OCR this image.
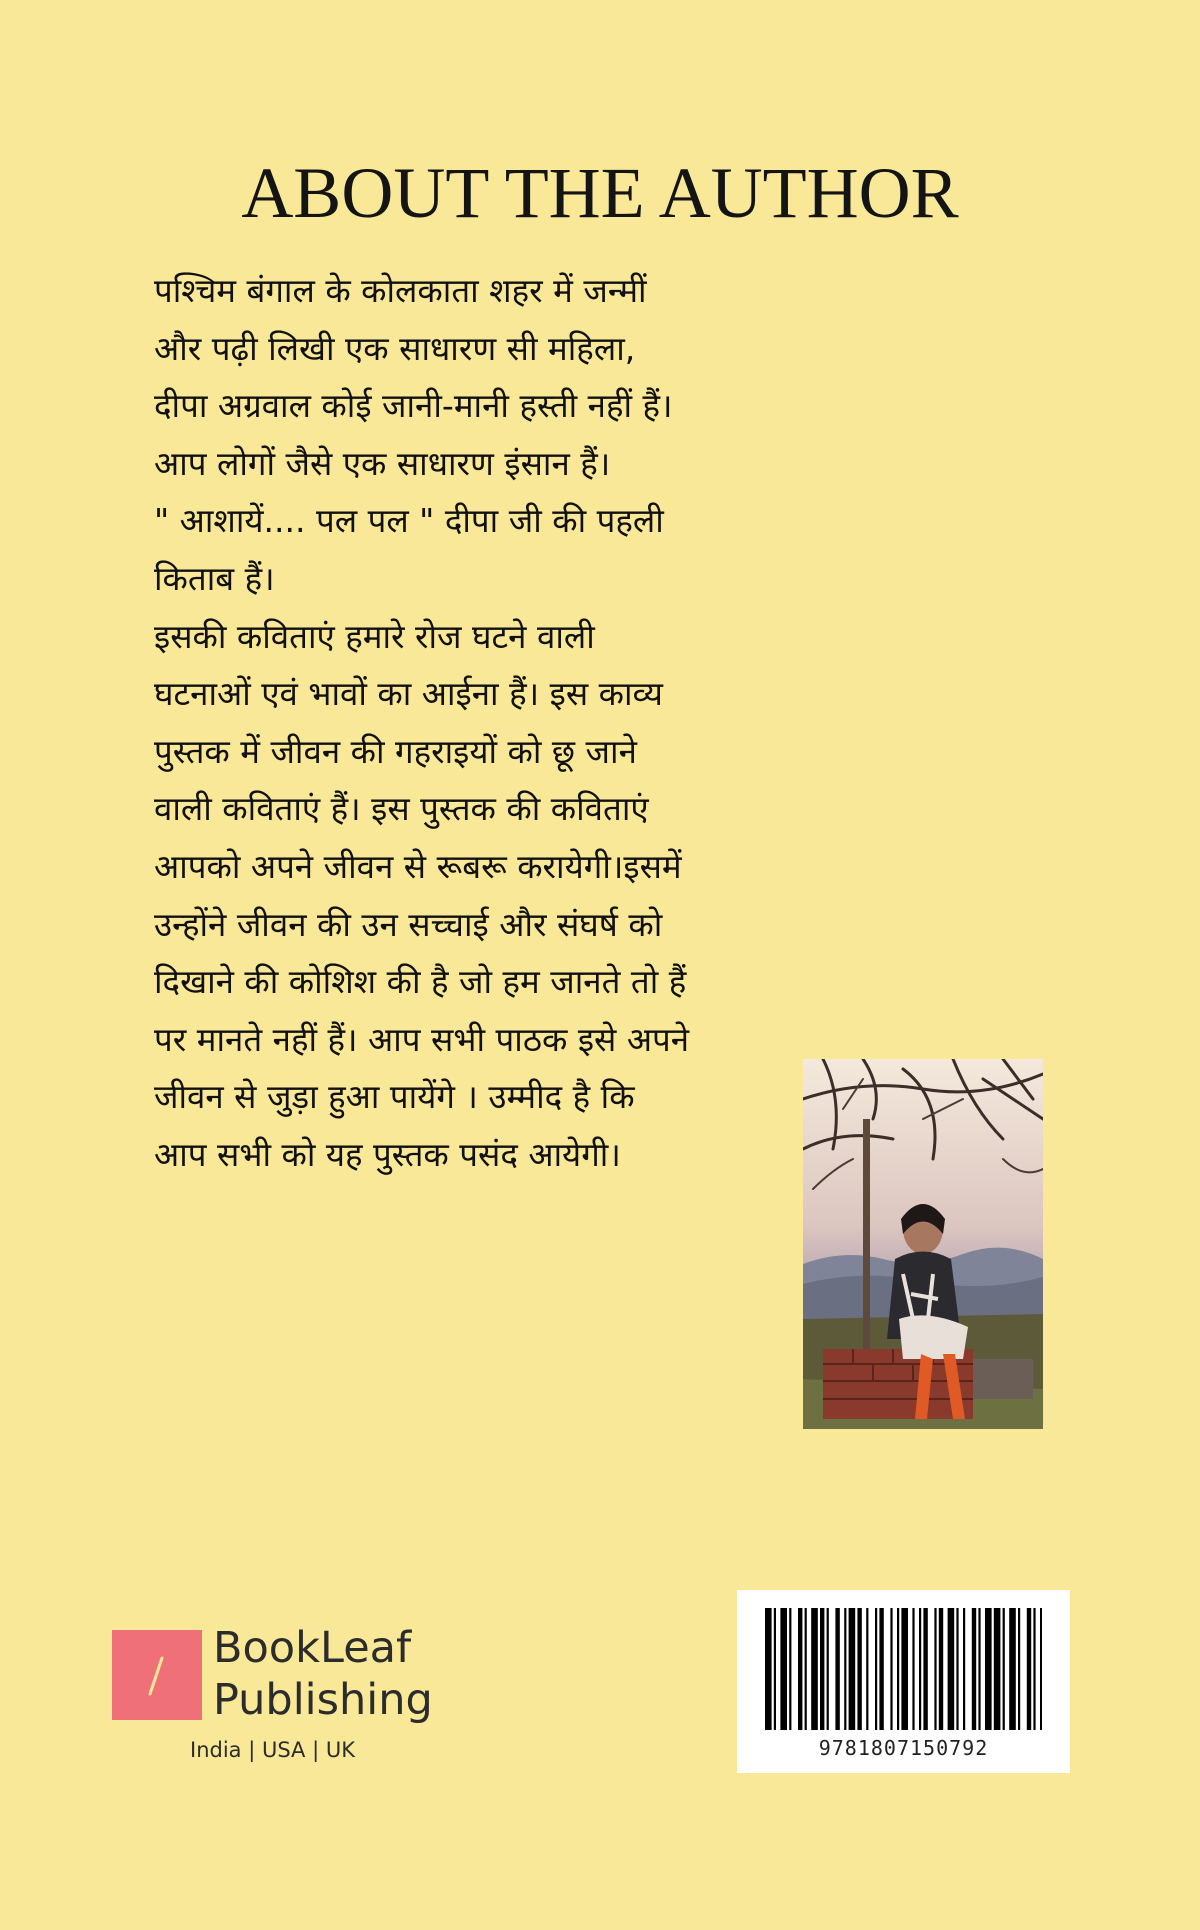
ABOUT THE AUTHOR
पश्चिम बंगाल के कोलकाता शहर में जन्मीं
और पढ़ी लिखी एक साधारण सी महिला,
दीपा अग्रवाल कोई जानी-मानी हस्ती नहीं हैं।
आप लोगों जैसे एक साधारण इंसान हैं।
" आशायें.... पल पल " दीपा जी की पहली
किताब हैं।
इसकी कविताएं हमारे रोज घटने वाली
घटनाओं एवं भावों का आईना हैं। इस काव्य
पुस्तक में जीवन की गहराइयों को छू जाने
वाली कविताएं हैं। इस पुस्तक की कविताएं
आपको अपने जीवन से रूबरू करायेगी।इसमें
उन्होंने जीवन की उन सच्चाई और संघर्ष को
दिखाने की कोशिश की है जो हम जानते तो हैं
पर मानते नहीं हैं। आप सभी पाठक इसे अपने
जीवन से जुड़ा हुआ पायेंगे । उम्मीद है कि
आप सभी को यह पुस्तक पसंद आयेगी।
BookLeaf
Publishing
India | USA | UK	9781807150792
